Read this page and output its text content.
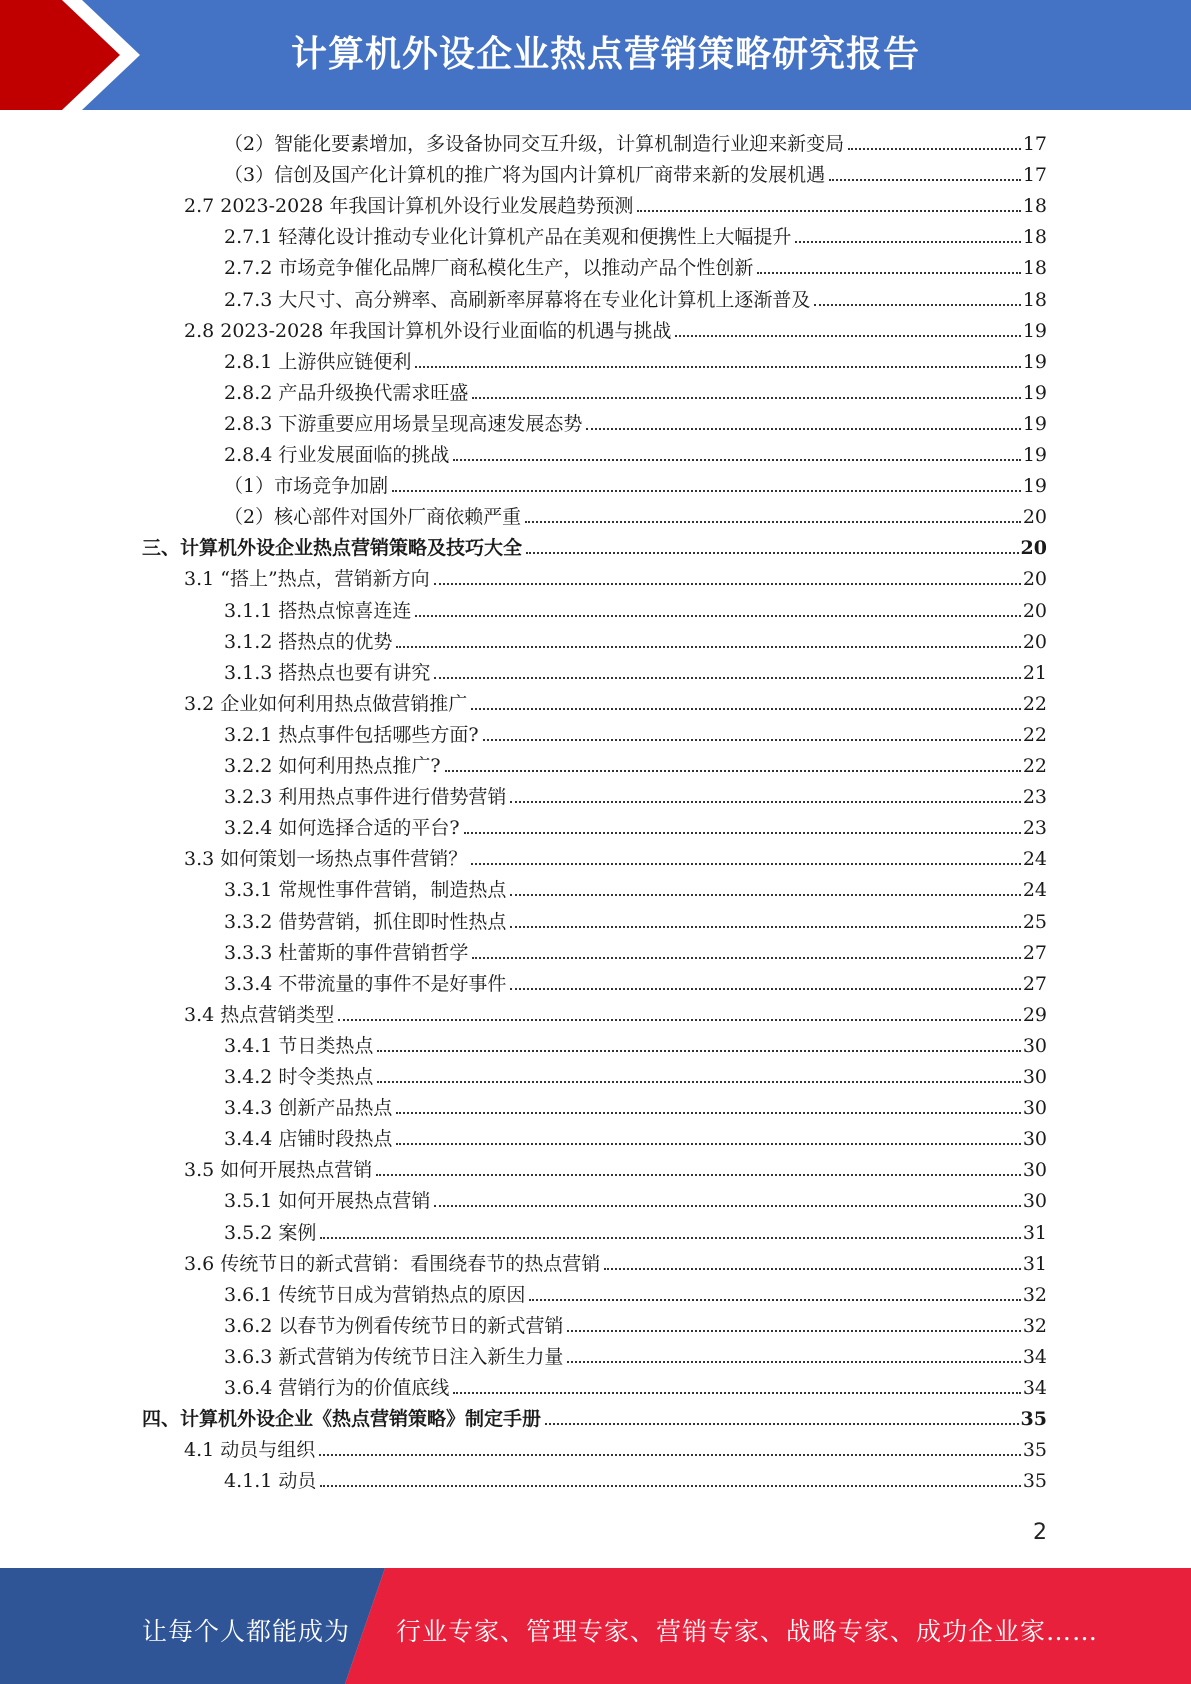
计算机外设企业热点营销策略研究报告
（2）智能化要素增加，多设备协同交互升级，计算机制造行业迎来新变局	17
（3）信创及国产化计算机的推广将为国内计算机厂商带来新的发展机遇	17
2.7 2023-2028 年我国计算机外设行业发展趋势预测	18
2.7.1 轻薄化设计推动专业化计算机产品在美观和便携性上大幅提升	18
2.7.2 市场竞争催化品牌厂商私模化生产，以推动产品个性创新	18
2.7.3 大尺寸、高分辨率、高刷新率屏幕将在专业化计算机上逐渐普及	18
2.8 2023-2028 年我国计算机外设行业面临的机遇与挑战	19
2.8.1 上游供应链便利	19
2.8.2 产品升级换代需求旺盛	19
2.8.3 下游重要应用场景呈现高速发展态势	19
2.8.4 行业发展面临的挑战	19
（1）市场竞争加剧	19
（2）核心部件对国外厂商依赖严重	20
三、计算机外设企业热点营销策略及技巧大全	20
3.1 “搭上”热点，营销新方向	20
3.1.1 搭热点惊喜连连	20
3.1.2 搭热点的优势	20
3.1.3 搭热点也要有讲究	21
3.2 企业如何利用热点做营销推广	22
3.2.1 热点事件包括哪些方面?	22
3.2.2 如何利用热点推广?	22
3.2.3 利用热点事件进行借势营销	23
3.2.4 如何选择合适的平台?	23
3.3 如何策划一场热点事件营销？	24
3.3.1 常规性事件营销，制造热点	24
3.3.2 借势营销，抓住即时性热点	25
3.3.3 杜蕾斯的事件营销哲学	27
3.3.4 不带流量的事件不是好事件	27
3.4 热点营销类型	29
3.4.1 节日类热点	30
3.4.2 时令类热点	30
3.4.3 创新产品热点	30
3.4.4 店铺时段热点	30
3.5 如何开展热点营销	30
3.5.1 如何开展热点营销	30
3.5.2 案例	31
3.6 传统节日的新式营销：看围绕春节的热点营销	31
3.6.1 传统节日成为营销热点的原因	32
3.6.2 以春节为例看传统节日的新式营销	32
3.6.3 新式营销为传统节日注入新生力量	34
3.6.4 营销行为的价值底线	34
四、计算机外设企业《热点营销策略》制定手册	35
4.1 动员与组织	35
4.1.1 动员	35
2
让每个人都能成为 行业专家、管理专家、营销专家、战略专家、成功企业家……
